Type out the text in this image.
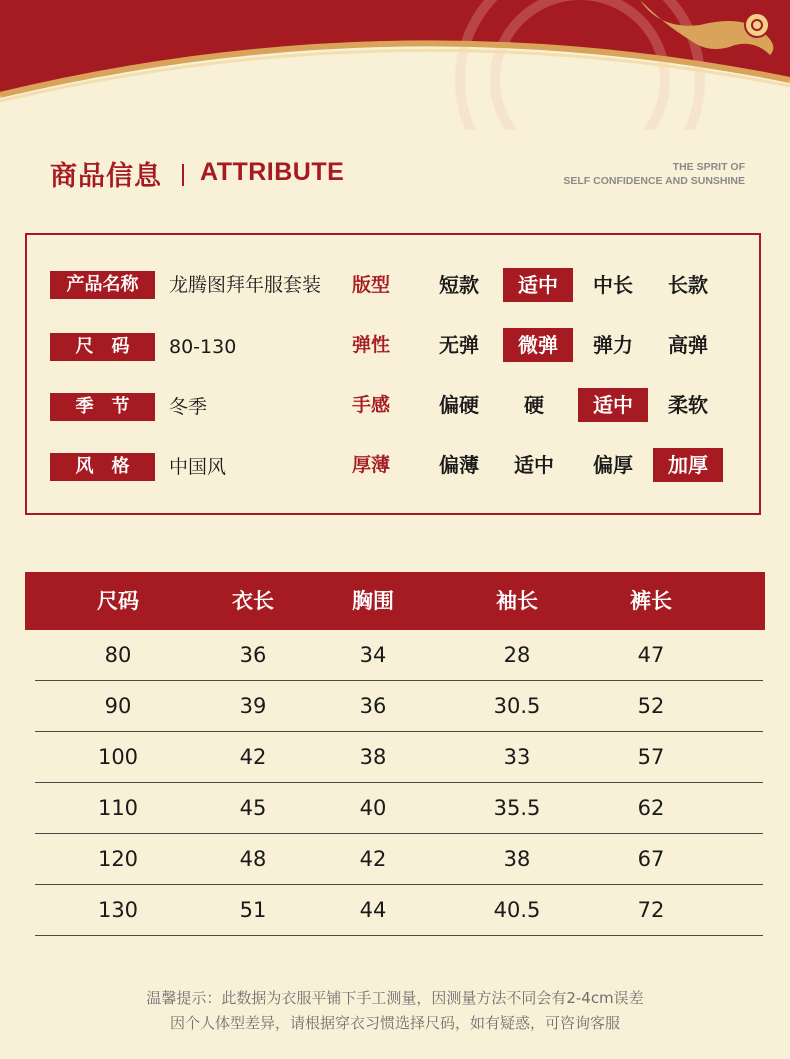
商品信息 ATTRIBUTE	THE SPRIT OF
SELF CONFIDENCE AND SUNSHINE
产品名称	龙腾图拜年服套装
尺　码	80-130
季　节	冬季
风　格	中国风
版型	短款	适中	中长	长款
弹性	无弹	微弹	弹力	高弹
手感	偏硬	硬	适中	柔软
厚薄	偏薄	适中	偏厚	加厚
尺码	衣长	胸围	袖长	裤长
80	36	34	28	47
90	39	36	30.5	52
100	42	38	33	57
110	45	40	35.5	62
120	48	42	38	67
130	51	44	40.5	72
温馨提示：此数据为衣服平铺下手工测量，因测量方法不同会有2-4cm误差
因个人体型差异，请根据穿衣习惯选择尺码，如有疑惑，可咨询客服
